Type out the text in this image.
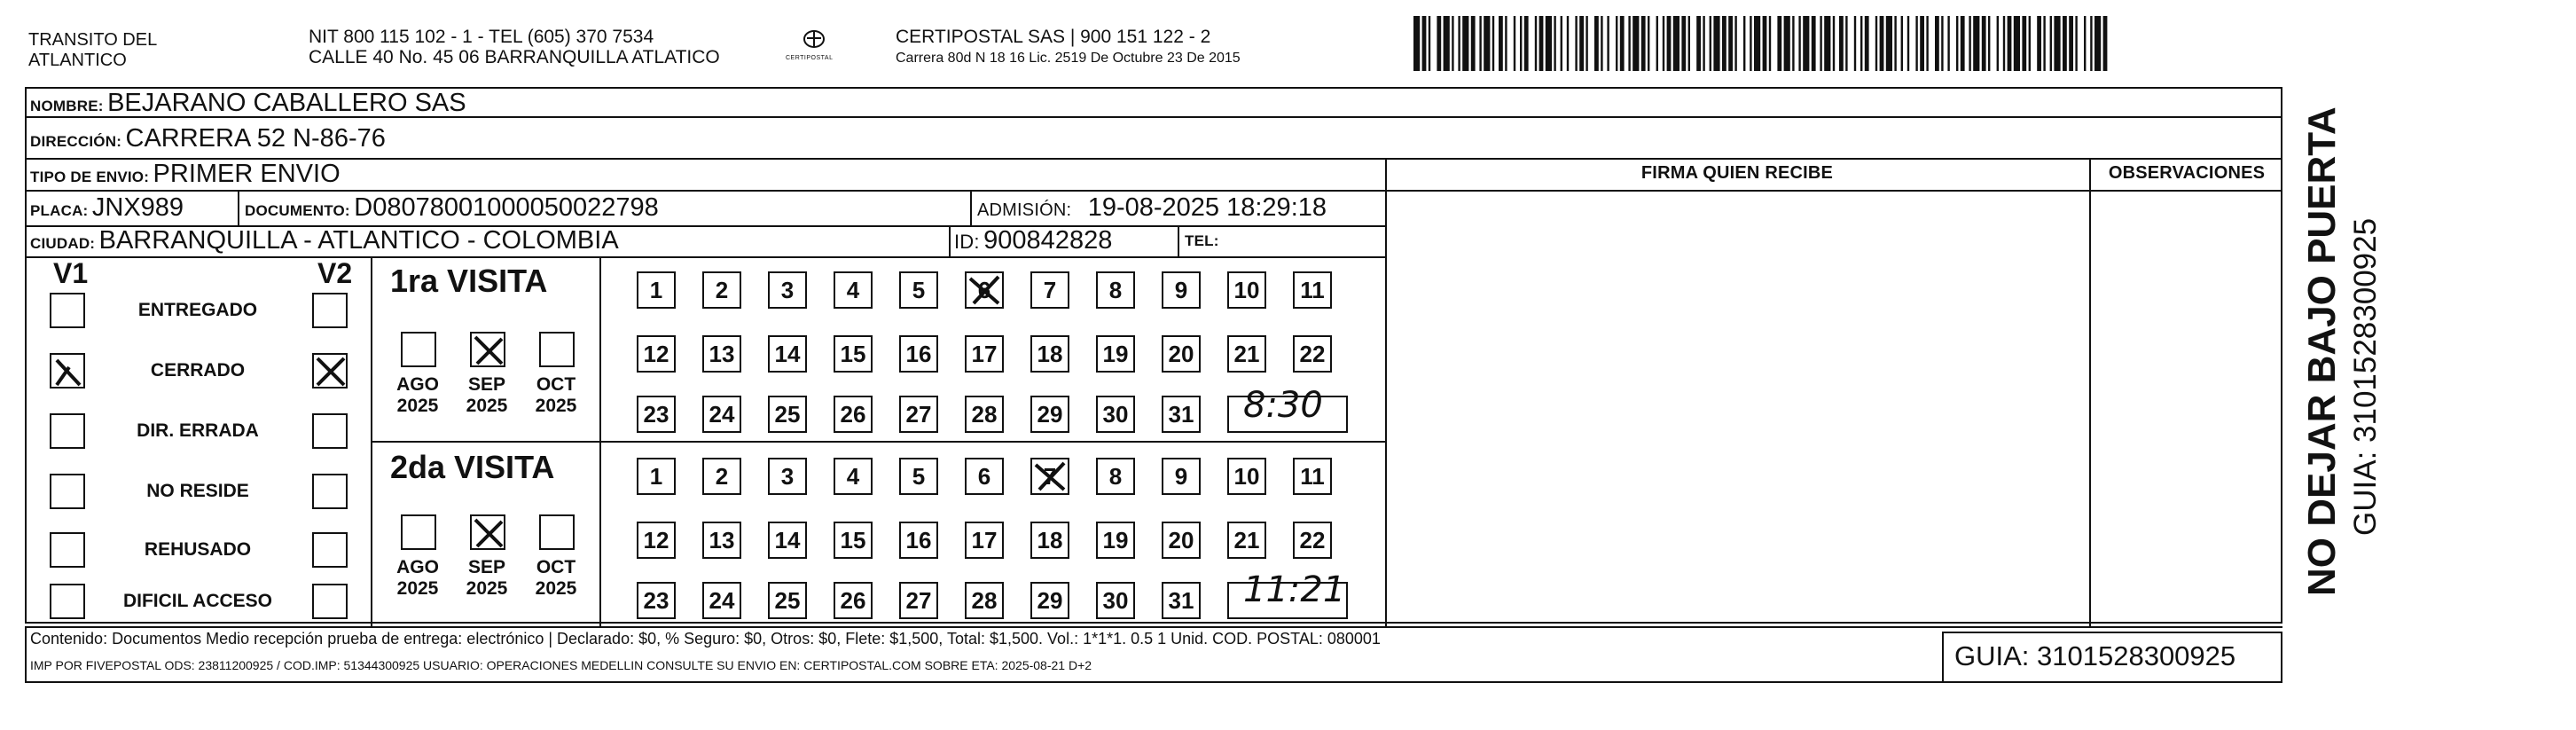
TRANSITO DEL
ATLANTICO
NIT 800 115 102 - 1 - TEL (605) 370 7534
CALLE 40 No. 45 06 BARRANQUILLA ATLATICO	CERTIPOSTAL
CERTIPOSTAL SAS | 900 151 122 - 2
Carrera 80d N 18 16 Lic. 2519 De Octubre 23 De 2015
NOMBRE: BEJARANO CABALLERO SAS
DIRECCIÓN: CARRERA 52 N-86-76
TIPO DE ENVIO: PRIMER ENVIO	FIRMA QUIEN RECIBE	OBSERVACIONES
PLACA: JNX989	DOCUMENTO: D08078001000050022798	ADMISIÓN: 19-08-2025 18:29:18
CIUDAD: BARRANQUILLA - ATLANTICO - COLOMBIA	ID: 900842828	TEL:
V1	V2
ENTREGADO
CERRADO
DIR. ERRADA
NO RESIDE
REHUSADO
DIFICIL ACCESO
1ra VISITA
2da VISITA
AGO
2025
SEP
2025
OCT
2025
AGO
2025
SEP
2025
OCT
2025
1	2	3	4	5	6	7	8	9	10	11
12 13 14 15 16 17 18 19 20 21 22
23 24 25 26 27 28 29 30 31
1	2	3	4	5	6	7	8	9	10	11
12 13 14 15 16 17 18 19 20 21 22
23 24 25 26 27 28 29 30 31
8:30
11:21
Contenido: Documentos Medio recepción prueba de entrega: electrónico | Declarado: $0, % Seguro: $0, Otros: $0, Flete: $1,500, Total: $1,500. Vol.: 1*1*1. 0.5 1 Unid. COD. POSTAL: 080001
IMP POR FIVEPOSTAL ODS: 23811200925 / COD.IMP: 51344300925 USUARIO: OPERACIONES MEDELLIN CONSULTE SU ENVIO EN: CERTIPOSTAL.COM SOBRE ETA: 2025-08-21 D+2	GUIA: 3101528300925
NO DEJAR BAJO PUERTA GUIA: 3101528300925
